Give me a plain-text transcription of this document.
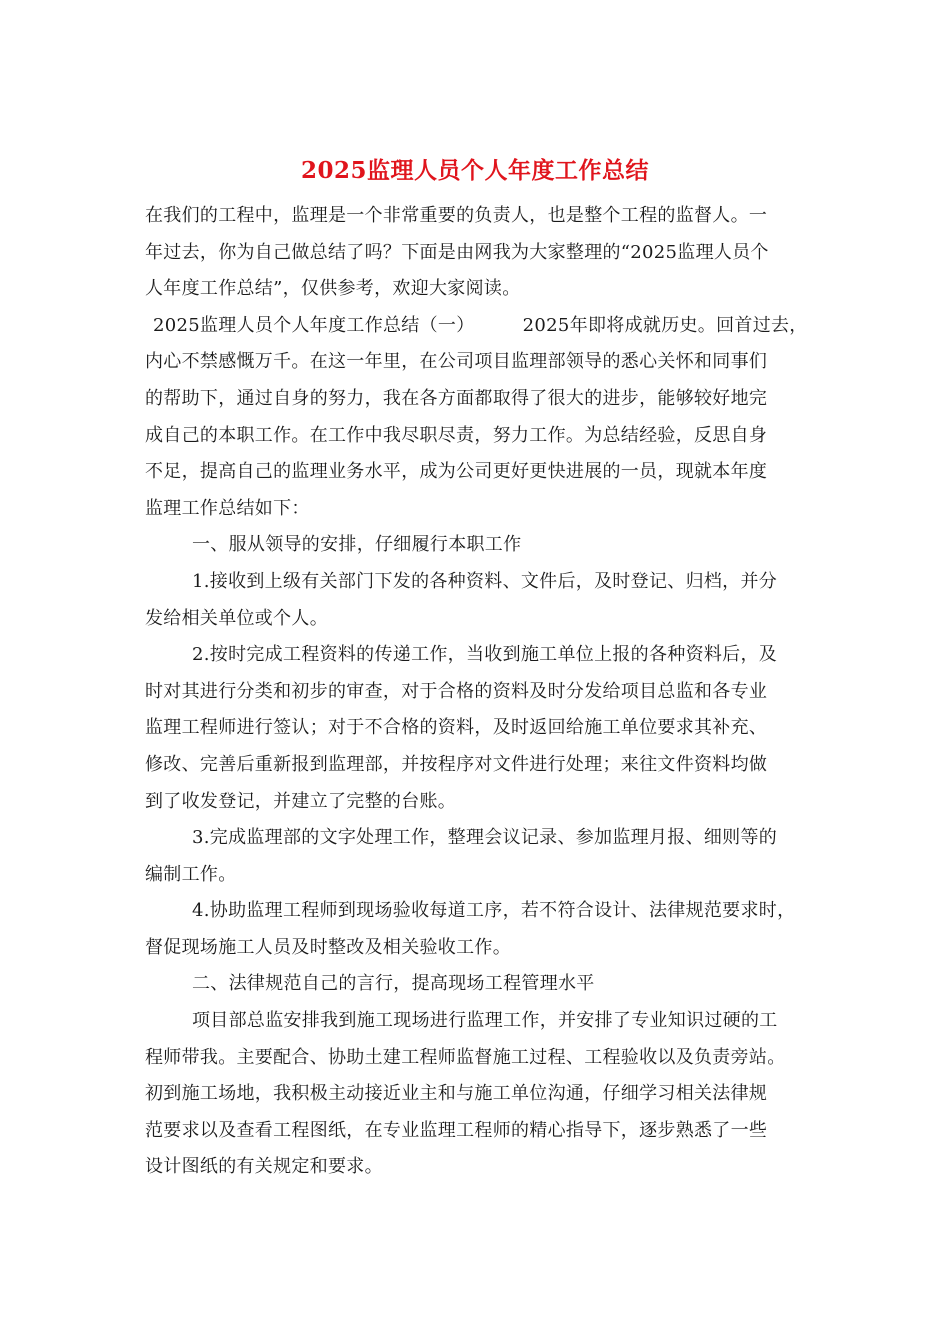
2025监理人员个人年度工作总结
在我们的工程中，监理是一个非常重要的负责人，也是整个工程的监督人。一
年过去，你为自己做总结了吗？下面是由网我为大家整理的“2025监理人员个
人年度工作总结”，仅供参考，欢迎大家阅读。
2025监理人员个人年度工作总结（一）        2025年即将成就历史。回首过去，
内心不禁感慨万千。在这一年里，在公司项目监理部领导的悉心关怀和同事们
的帮助下，通过自身的努力，我在各方面都取得了很大的进步，能够较好地完
成自己的本职工作。在工作中我尽职尽责，努力工作。为总结经验，反思自身
不足，提高自己的监理业务水平，成为公司更好更快进展的一员，现就本年度
监理工作总结如下：
一、服从领导的安排，仔细履行本职工作
1.接收到上级有关部门下发的各种资料、文件后，及时登记、归档，并分
发给相关单位或个人。
2.按时完成工程资料的传递工作，当收到施工单位上报的各种资料后，及
时对其进行分类和初步的审查，对于合格的资料及时分发给项目总监和各专业
监理工程师进行签认；对于不合格的资料，及时返回给施工单位要求其补充、
修改、完善后重新报到监理部，并按程序对文件进行处理；来往文件资料均做
到了收发登记，并建立了完整的台账。
3.完成监理部的文字处理工作，整理会议记录、参加监理月报、细则等的
编制工作。
4.协助监理工程师到现场验收每道工序，若不符合设计、法律规范要求时，
督促现场施工人员及时整改及相关验收工作。
二、法律规范自己的言行，提高现场工程管理水平
项目部总监安排我到施工现场进行监理工作，并安排了专业知识过硬的工
程师带我。主要配合、协助土建工程师监督施工过程、工程验收以及负责旁站。
初到施工场地，我积极主动接近业主和与施工单位沟通，仔细学习相关法律规
范要求以及查看工程图纸，在专业监理工程师的精心指导下，逐步熟悉了一些
设计图纸的有关规定和要求。
